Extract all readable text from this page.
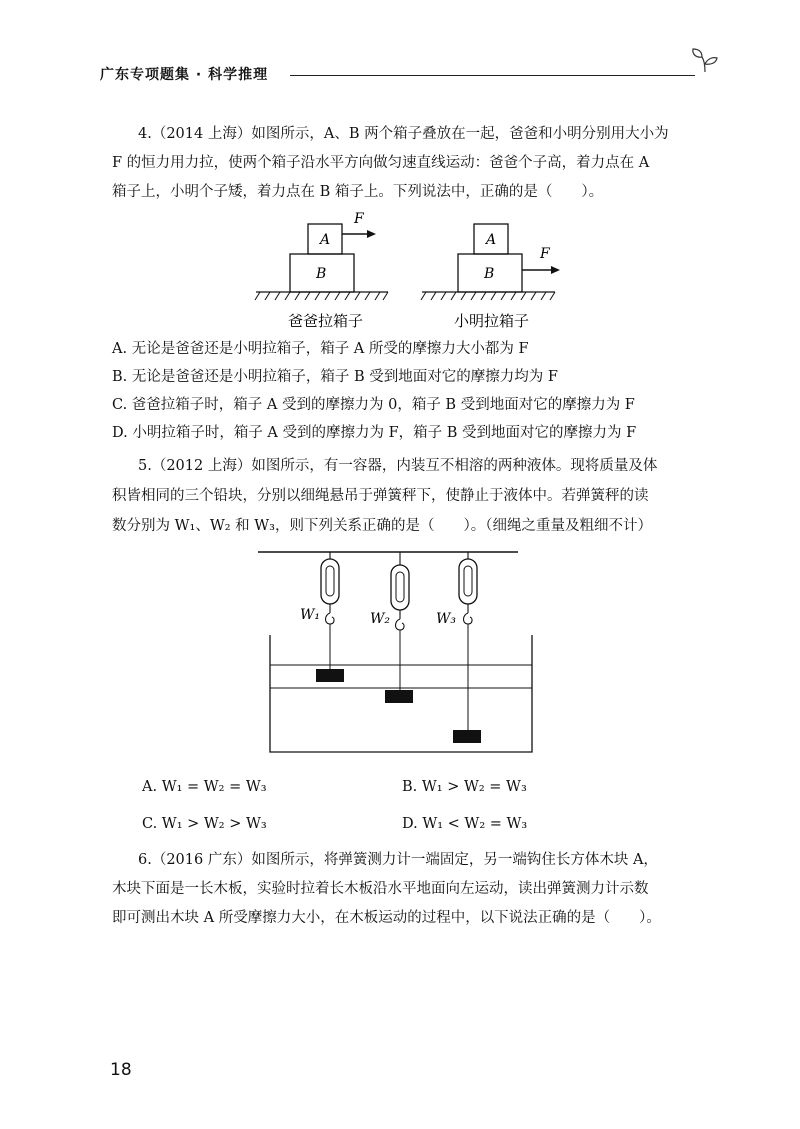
广东专项题集 · 科学推理
4.（2014 上海）如图所示，A、B 两个箱子叠放在一起，爸爸和小明分别用大小为
F 的恒力用力拉，使两个箱子沿水平方向做匀速直线运动：爸爸个子高，着力点在 A
箱子上，小明个子矮，着力点在 B 箱子上。下列说法中，正确的是（　　）。
A
B
F
爸爸拉箱子
A
B
F
小明拉箱子
A. 无论是爸爸还是小明拉箱子，箱子 A 所受的摩擦力大小都为 F
B. 无论是爸爸还是小明拉箱子，箱子 B 受到地面对它的摩擦力均为 F
C. 爸爸拉箱子时，箱子 A 受到的摩擦力为 0，箱子 B 受到地面对它的摩擦力为 F
D. 小明拉箱子时，箱子 A 受到的摩擦力为 F，箱子 B 受到地面对它的摩擦力为 F
5.（2012 上海）如图所示，有一容器，内装互不相溶的两种液体。现将质量及体
积皆相同的三个铅块，分别以细绳悬吊于弹簧秤下，使静止于液体中。若弹簧秤的读
数分别为 W₁、W₂ 和 W₃，则下列关系正确的是（　　）。（细绳之重量及粗细不计）
W₁	W₂	W₃
A. W₁ = W₂ = W₃	B. W₁ > W₂ = W₃
C. W₁ > W₂ > W₃	D. W₁ < W₂ = W₃
6.（2016 广东）如图所示，将弹簧测力计一端固定，另一端钩住长方体木块 A，
木块下面是一长木板，实验时拉着长木板沿水平地面向左运动，读出弹簧测力计示数
即可测出木块 A 所受摩擦力大小，在木板运动的过程中，以下说法正确的是（　　）。
18
